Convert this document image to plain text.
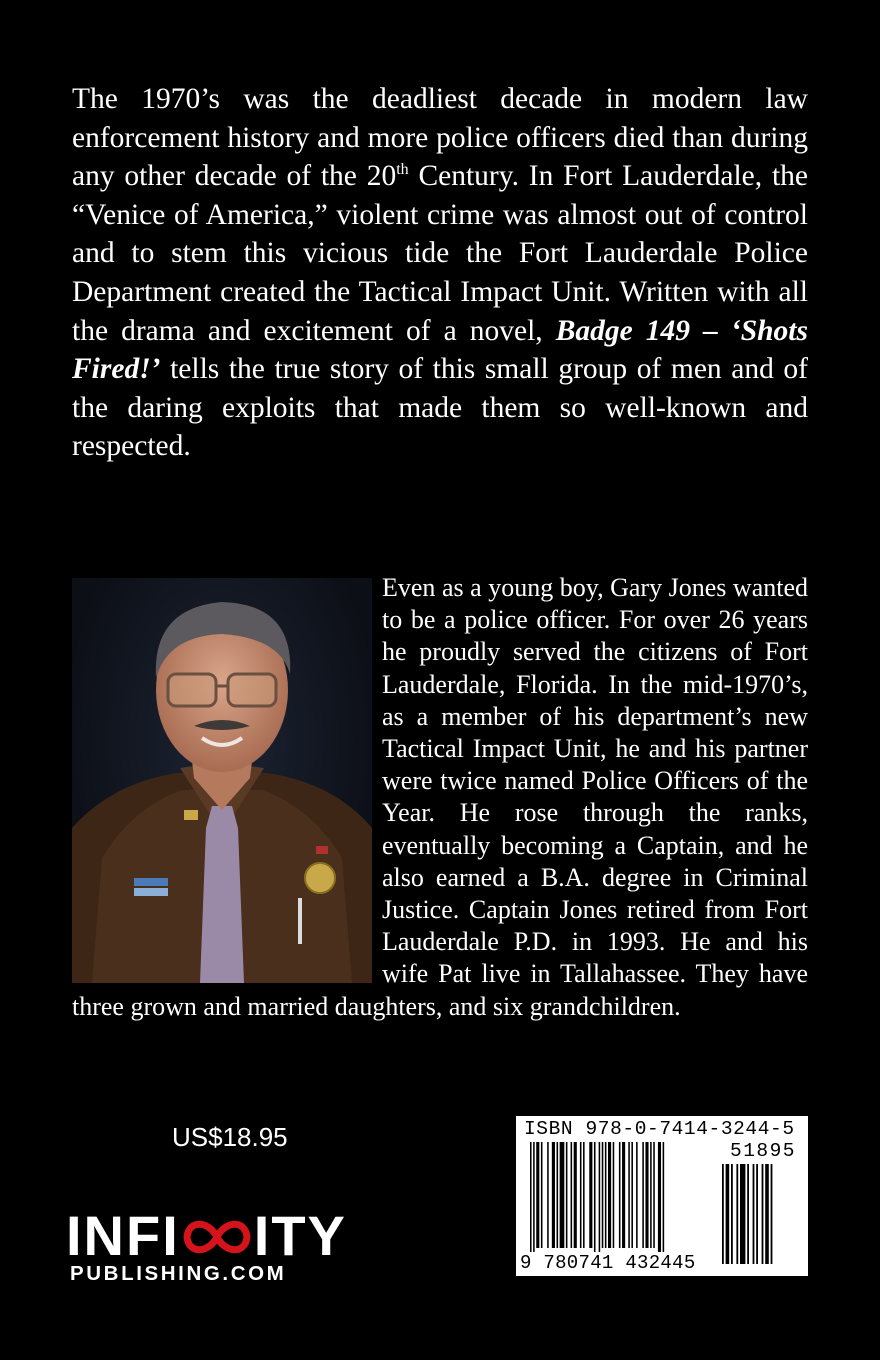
The 1970’s was the deadliest decade in modern law enforcement history and more police officers died than during any other decade of the 20th Century. In Fort Lauderdale, the “Venice of America,” violent crime was almost out of control and to stem this vicious tide the Fort Lauderdale Police Department created the Tactical Impact Unit. Written with all the drama and excitement of a novel, Badge 149 – ‘Shots Fired!’ tells the true story of this small group of men and of the daring exploits that made them so well-known and respected.

Even as a young boy, Gary Jones wanted to be a police officer. For over 26 years he proudly served the citizens of Fort Lauderdale, Florida. In the mid-1970’s, as a member of his department’s new Tactical Impact Unit, he and his partner were twice named Police Officers of the Year. He rose through the ranks, eventually becoming a Captain, and he also earned a B.A. degree in Criminal Justice. Captain Jones retired from Fort Lauderdale P.D. in 1993. He and his wife Pat live in Tallahassee. They have three grown and married daughters, and six grandchildren.

US$18.95

INFI ITY
PUBLISHING.COM
ISBN 978-0-7414-3244-5
51895
9 780741 432445
